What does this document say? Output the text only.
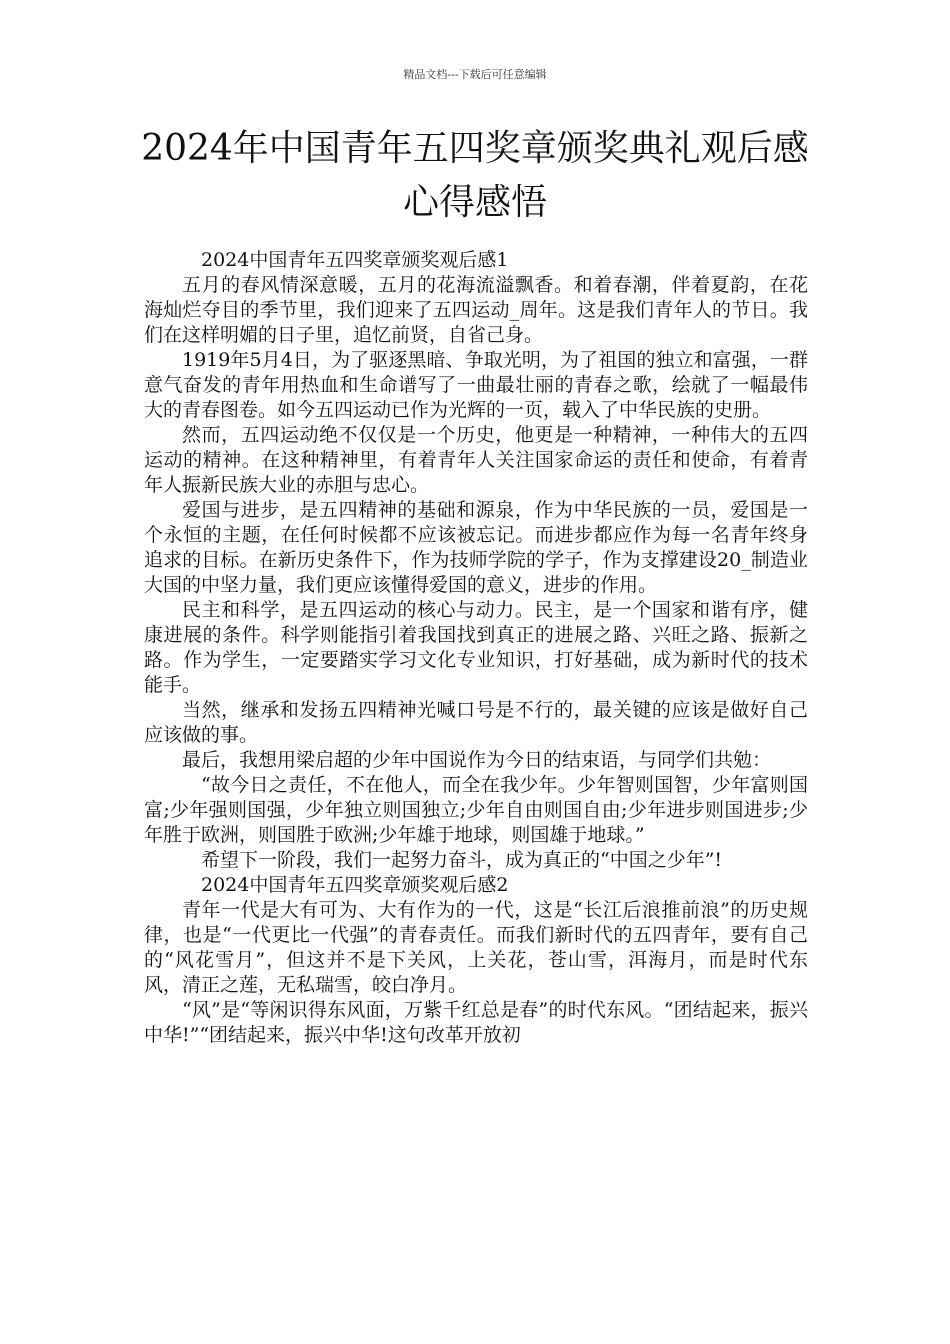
精品文档---下载后可任意编辑
2024年中国青年五四奖章颁奖典礼观后感
心得感悟

2024中国青年五四奖章颁奖观后感1

五月的春风情深意暖，五月的花海流溢飘香。和着春潮，伴着夏韵，在花海灿烂夺目的季节里，我们迎来了五四运动_周年。这是我们青年人的节日。我们在这样明媚的日子里，追忆前贤，自省己身。

1919年5月4日，为了驱逐黑暗、争取光明，为了祖国的独立和富强，一群意气奋发的青年用热血和生命谱写了一曲最壮丽的青春之歌，绘就了一幅最伟大的青春图卷。如今五四运动已作为光辉的一页，载入了中华民族的史册。

然而，五四运动绝不仅仅是一个历史，他更是一种精神，一种伟大的五四运动的精神。在这种精神里，有着青年人关注国家命运的责任和使命，有着青年人振新民族大业的赤胆与忠心。

爱国与进步，是五四精神的基础和源泉，作为中华民族的一员，爱国是一个永恒的主题，在任何时候都不应该被忘记。而进步都应作为每一名青年终身追求的目标。在新历史条件下，作为技师学院的学子，作为支撑建设20_制造业大国的中坚力量，我们更应该懂得爱国的意义，进步的作用。

民主和科学，是五四运动的核心与动力。民主，是一个国家和谐有序，健康进展的条件。科学则能指引着我国找到真正的进展之路、兴旺之路、振新之路。作为学生，一定要踏实学习文化专业知识，打好基础，成为新时代的技术能手。

当然，继承和发扬五四精神光喊口号是不行的，最关键的应该是做好自己应该做的事。

最后，我想用梁启超的少年中国说作为今日的结束语，与同学们共勉：

“故今日之责任，不在他人，而全在我少年。少年智则国智，少年富则国富;少年强则国强，少年独立则国独立;少年自由则国自由;少年进步则国进步;少年胜于欧洲，则国胜于欧洲;少年雄于地球，则国雄于地球。”

希望下一阶段，我们一起努力奋斗，成为真正的“中国之少年”!

2024中国青年五四奖章颁奖观后感2

青年一代是大有可为、大有作为的一代，这是“长江后浪推前浪”的历史规律，也是“一代更比一代强”的青春责任。而我们新时代的五四青年，要有自己的“风花雪月”，但这并不是下关风，上关花，苍山雪，洱海月，而是时代东风，清正之莲，无私瑞雪，皎白净月。

“风”是“等闲识得东风面，万紫千红总是春”的时代东风。“团结起来，振兴中华!”“团结起来，振兴中华!这句改革开放初
